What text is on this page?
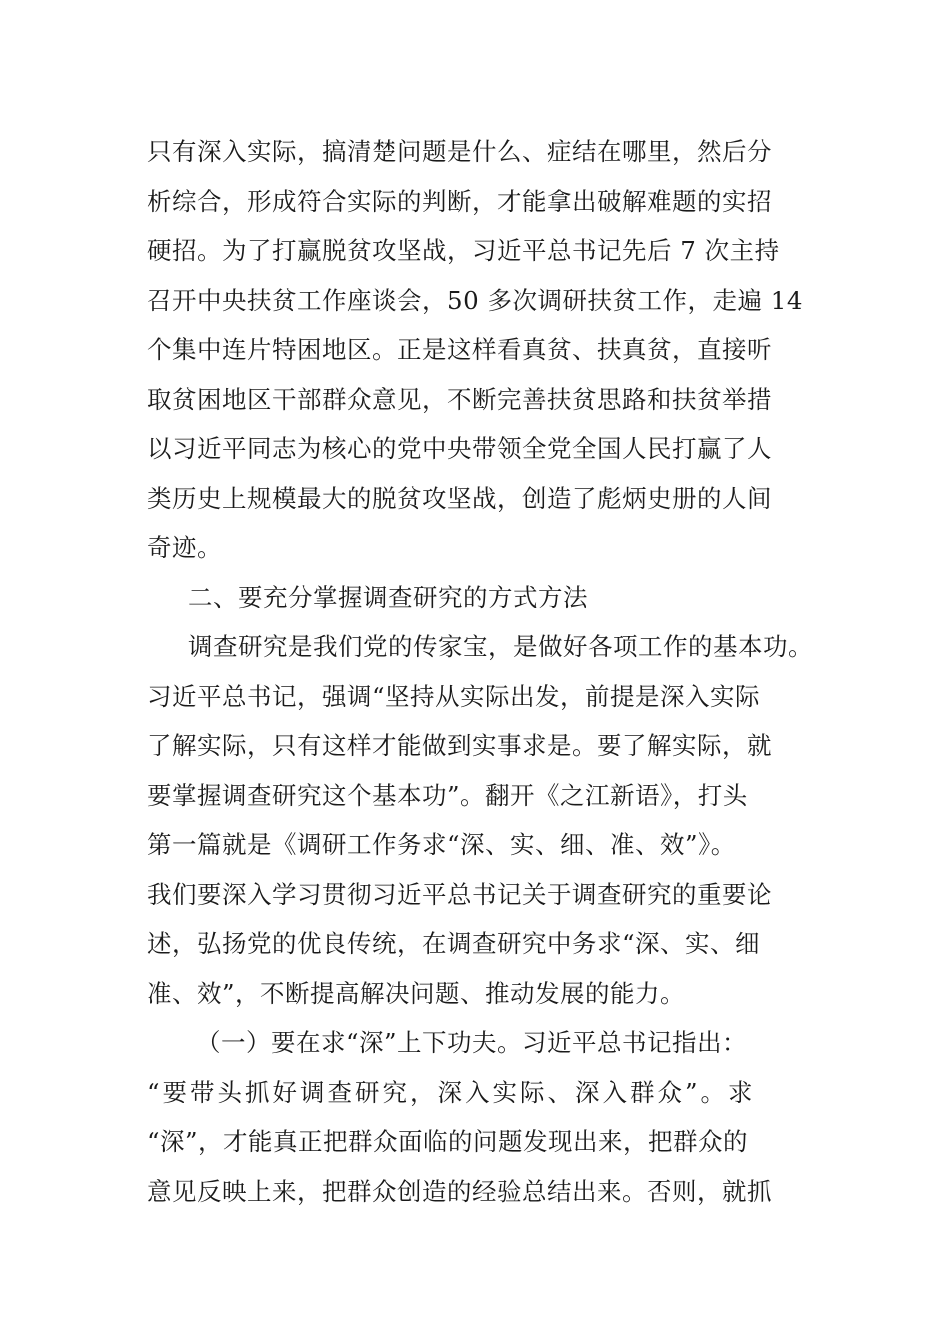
只有深入实际，搞清楚问题是什么、症结在哪里，然后分
析综合，形成符合实际的判断，才能拿出破解难题的实招
硬招。为了打赢脱贫攻坚战，习近平总书记先后 7 次主持
召开中央扶贫工作座谈会，50 多次调研扶贫工作，走遍 14
个集中连片特困地区。正是这样看真贫、扶真贫，直接听
取贫困地区干部群众意见，不断完善扶贫思路和扶贫举措
以习近平同志为核心的党中央带领全党全国人民打赢了人
类历史上规模最大的脱贫攻坚战，创造了彪炳史册的人间
奇迹。
二、要充分掌握调查研究的方式方法
调查研究是我们党的传家宝，是做好各项工作的基本功。
习近平总书记，强调“坚持从实际出发，前提是深入实际
了解实际，只有这样才能做到实事求是。要了解实际，就
要掌握调查研究这个基本功”。翻开《之江新语》，打头
第一篇就是《调研工作务求“深、实、细、准、效”》。
我们要深入学习贯彻习近平总书记关于调查研究的重要论
述，弘扬党的优良传统，在调查研究中务求“深、实、细
准、效”，不断提高解决问题、推动发展的能力。
（一）要在求“深”上下功夫。习近平总书记指出：
“要带头抓好调查研究，深入实际、深入群众”。求
“深”，才能真正把群众面临的问题发现出来，把群众的
意见反映上来，把群众创造的经验总结出来。否则，就抓
